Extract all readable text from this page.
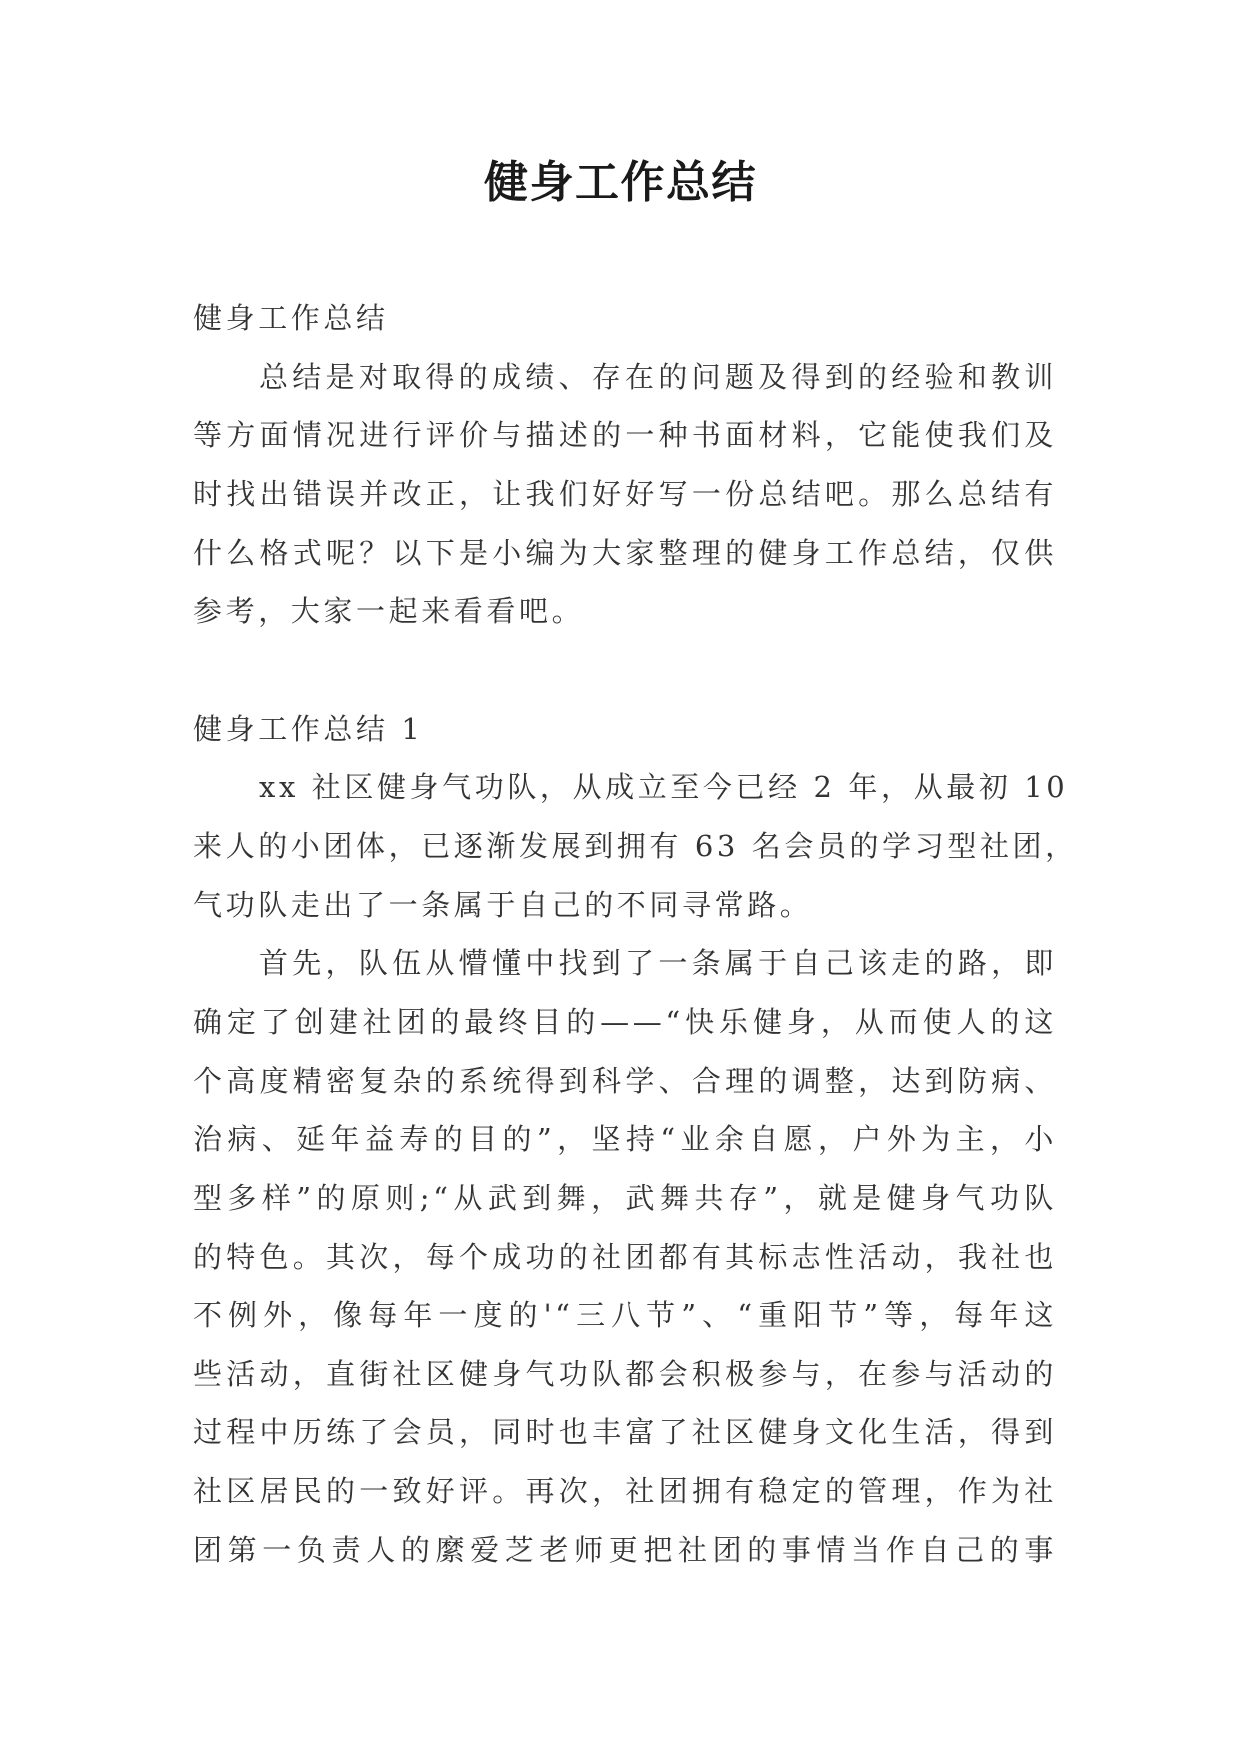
健身工作总结
健身工作总结
总结是对取得的成绩、存在的问题及得到的经验和教训
等方面情况进行评价与描述的一种书面材料，它能使我们及
时找出错误并改正，让我们好好写一份总结吧。那么总结有
什么格式呢？以下是小编为大家整理的健身工作总结，仅供
参考，大家一起来看看吧。
健身工作总结 1
xx 社区健身气功队，从成立至今已经 2 年，从最初 10
来人的小团体，已逐渐发展到拥有 63 名会员的学习型社团，
气功队走出了一条属于自己的不同寻常路。
首先，队伍从懵懂中找到了一条属于自己该走的路，即
确定了创建社团的最终目的——“快乐健身，从而使人的这
个高度精密复杂的系统得到科学、合理的调整，达到防病、
治病、延年益寿的目的”，坚持“业余自愿，户外为主，小
型多样”的原则;“从武到舞，武舞共存”，就是健身气功队
的特色。其次，每个成功的社团都有其标志性活动，我社也
不例外，像每年一度的'“三八节”、“重阳节”等，每年这
些活动，直街社区健身气功队都会积极参与，在参与活动的
过程中历练了会员，同时也丰富了社区健身文化生活，得到
社区居民的一致好评。再次，社团拥有稳定的管理，作为社
团第一负责人的縻爱芝老师更把社团的事情当作自己的事
